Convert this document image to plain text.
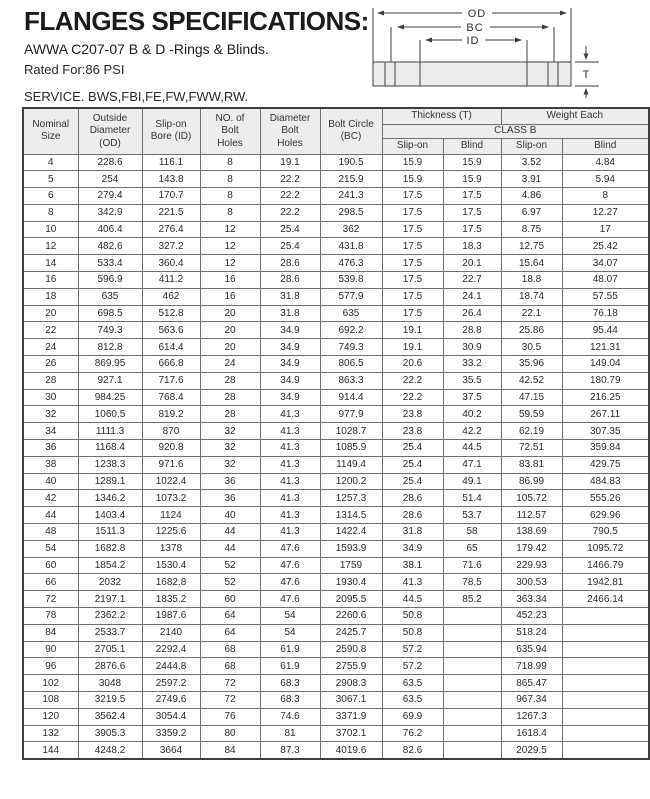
FLANGES SPECIFICATIONS:

AWWA C207-07 B & D -Rings & Blinds.

Rated For:86 PSI

SERVICE. BWS,FBI,FE,FW,FWW,RW.

OD
BC
ID
T
Nominal Size	Outside Diameter (OD)	Slip-on Bore (ID)	NO. of Bolt Holes	Diameter Bolt Holes	Bolt Circle (BC)	Thickness (T)		Weight Each	
						CLASS B			
						Slip-on	Blind	Slip-on	Blind
4	228.6	116.1	8	19.1	190.5	15.9	15.9	3.52	4.84
5	254	143.8	8	22.2	215.9	15.9	15.9	3.91	5.94
6	279.4	170.7	8	22.2	241.3	17.5	17.5	4.86	8
8	342.9	221.5	8	22.2	298.5	17.5	17.5	6.97	12.27
10	406.4	276.4	12	25.4	362	17.5	17.5	8.75	17
12	482.6	327.2	12	25.4	431.8	17.5	18.3	12.75	25.42
14	533.4	360.4	12	28.6	476.3	17.5	20.1	15.64	34.07
16	596.9	411.2	16	28.6	539.8	17.5	22.7	18.8	48.07
18	635	462	16	31.8	577.9	17.5	24.1	18.74	57.55
20	698.5	512.8	20	31.8	635	17.5	26.4	22.1	76.18
22	749.3	563.6	20	34.9	692.2	19.1	28.8	25.86	95.44
24	812.8	614.4	20	34.9	749.3	19.1	30.9	30.5	121.31
26	869.95	666.8	24	34.9	806.5	20.6	33.2	35.96	149.04
28	927.1	717.6	28	34.9	863.3	22.2	35.5	42.52	180.79
30	984.25	768.4	28	34.9	914.4	22.2	37.5	47.15	216.25
32	1060.5	819.2	28	41.3	977.9	23.8	40.2	59.59	267.11
34	1111.3	870	32	41.3	1028.7	23.8	42.2	62.19	307.35
36	1168.4	920.8	32	41.3	1085.9	25.4	44.5	72.51	359.84
38	1238.3	971.6	32	41.3	1149.4	25.4	47.1	83.81	429.75
40	1289.1	1022.4	36	41.3	1200.2	25.4	49.1	86.99	484.83
42	1346.2	1073.2	36	41.3	1257.3	28.6	51.4	105.72	555.26
44	1403.4	1124	40	41.3	1314.5	28.6	53.7	112.57	629.96
48	1511.3	1225.6	44	41.3	1422.4	31.8	58	138.69	790.5
54	1682.8	1378	44	47.6	1593.9	34.9	65	179.42	1095.72
60	1854.2	1530.4	52	47.6	1759	38.1	71.6	229.93	1466.79
66	2032	1682.8	52	47.6	1930.4	41.3	78.5	300.53	1942.81
72	2197.1	1835.2	60	47.6	2095.5	44.5	85.2	363.34	2466.14
78	2362.2	1987.6	64	54	2260.6	50.8		452.23	
84	2533.7	2140	64	54	2425.7	50.8		518.24	
90	2705.1	2292.4	68	61.9	2590.8	57.2		635.94	
96	2876.6	2444.8	68	61.9	2755.9	57.2		718.99	
102	3048	2597.2	72	68.3	2908.3	63.5		865.47	
108	3219.5	2749.6	72	68.3	3067.1	63.5		967.34	
120	3562.4	3054.4	76	74.6	3371.9	69.9		1267.3	
132	3905.3	3359.2	80	81	3702.1	76.2		1618.4	
144	4248.2	3664	84	87.3	4019.6	82.6		2029.5	
